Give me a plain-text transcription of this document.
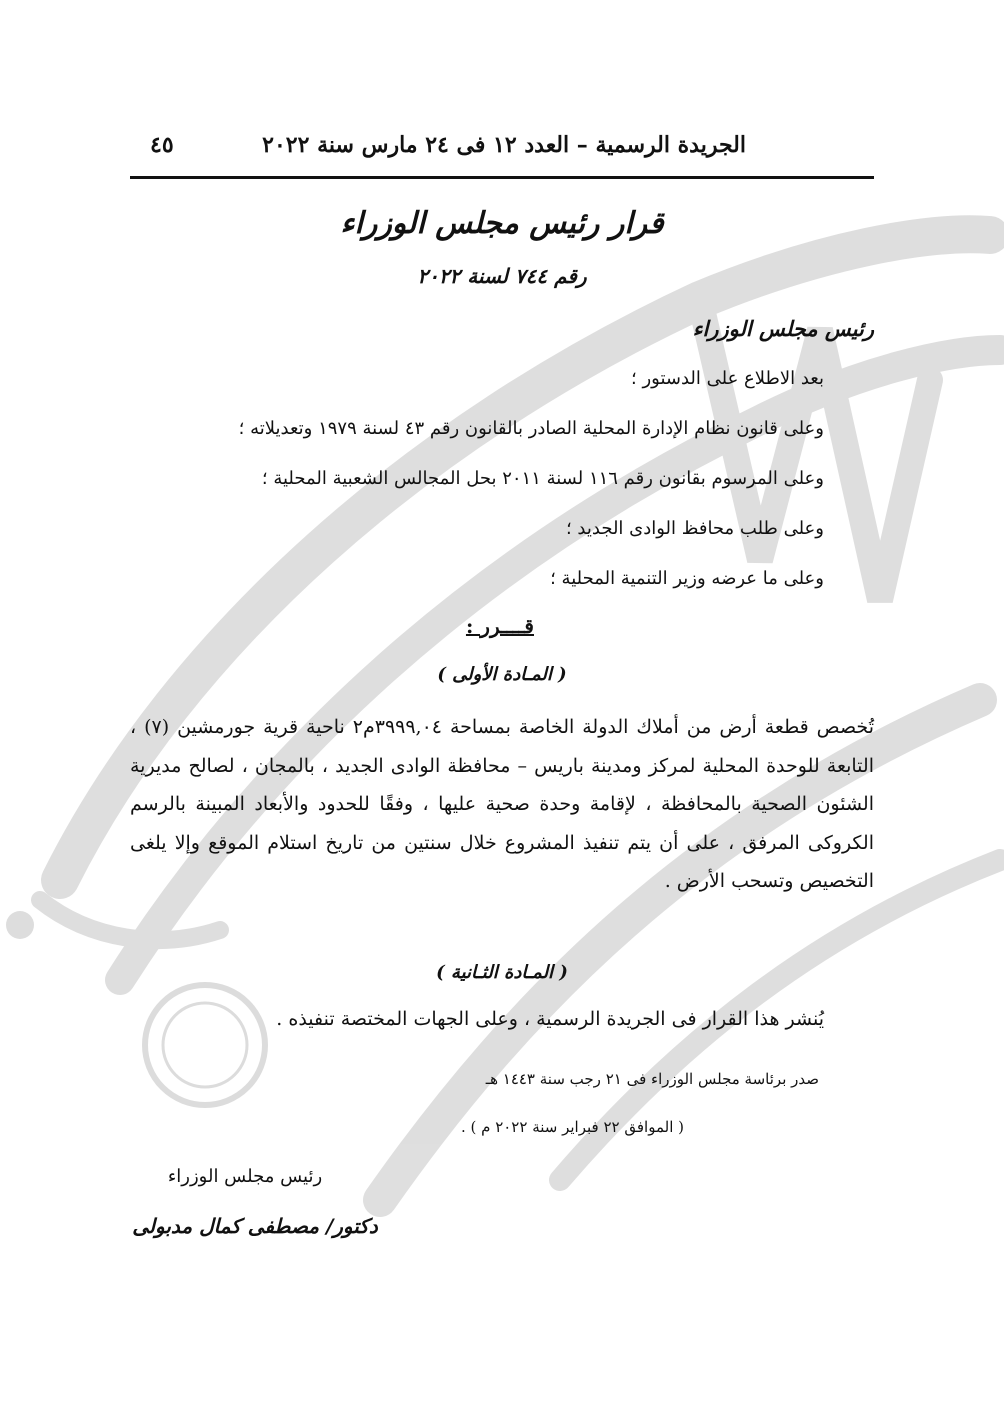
الجريدة الرسمية – العدد ١٢ فى ٢٤ مارس سنة ٢٠٢٢
٤٥
قرار رئيس مجلس الوزراء
رقم ٧٤٤ لسنة ٢٠٢٢
رئيس مجلس الوزراء
بعد الاطلاع على الدستور ؛
وعلى قانون نظام الإدارة المحلية الصادر بالقانون رقم ٤٣ لسنة ١٩٧٩ وتعديلاته ؛
وعلى المرسوم بقانون رقم ١١٦ لسنة ٢٠١١ بحل المجالس الشعبية المحلية ؛
وعلى طلب محافظ الوادى الجديد ؛
وعلى ما عرضه وزير التنمية المحلية ؛
قــــرر :
( المـادة الأولى )
تُخصص قطعة أرض من أملاك الدولة الخاصة بمساحة ٣٩٩٩,٠٤م٢ ناحية قرية جورمشين (٧) ، التابعة للوحدة المحلية لمركز ومدينة باريس – محافظة الوادى الجديد ، بالمجان ، لصالح مديرية الشئون الصحية بالمحافظة ، لإقامة وحدة صحية عليها ، وفقًا للحدود والأبعاد المبينة بالرسم الكروكى المرفق ، على أن يتم تنفيذ المشروع خلال سنتين من تاريخ استلام الموقع وإلا يلغى التخصيص وتسحب الأرض .
( المـادة الثـانية )
يُنشر هذا القرار فى الجريدة الرسمية ، وعلى الجهات المختصة تنفيذه .
صدر برئاسة مجلس الوزراء فى ٢١ رجب سنة ١٤٤٣ هـ
( الموافق ٢٢ فبراير سنة ٢٠٢٢ م ) .
رئيس مجلس الوزراء
دكتور/ مصطفى كمال مدبولى
